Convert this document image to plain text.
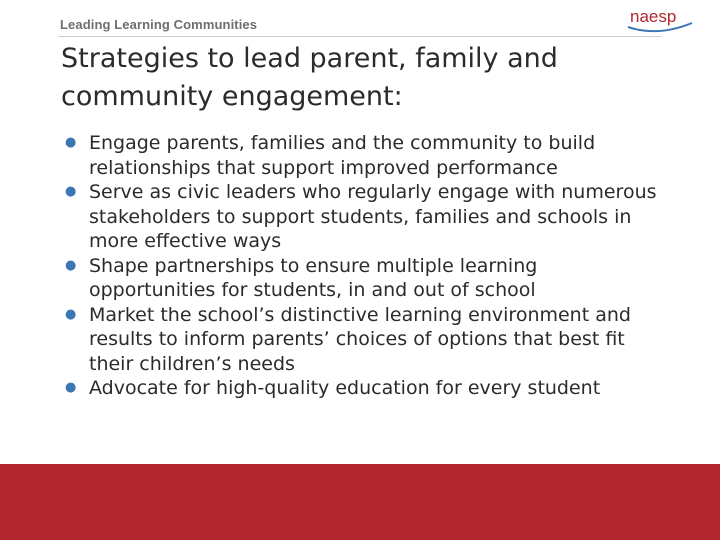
Leading Learning Communities	naesp
Strategies to lead parent, family and
community engagement:
● Engage parents, families and the community to build relationships that support improved performance
● Serve as civic leaders who regularly engage with numerous stakeholders to support students, families and schools in more effective ways
● Shape partnerships to ensure multiple learning opportunities for students, in and out of school
● Market the school’s distinctive learning environment and results to inform parents’ choices of options that best fit their children’s needs
● Advocate for high-quality education for every student
